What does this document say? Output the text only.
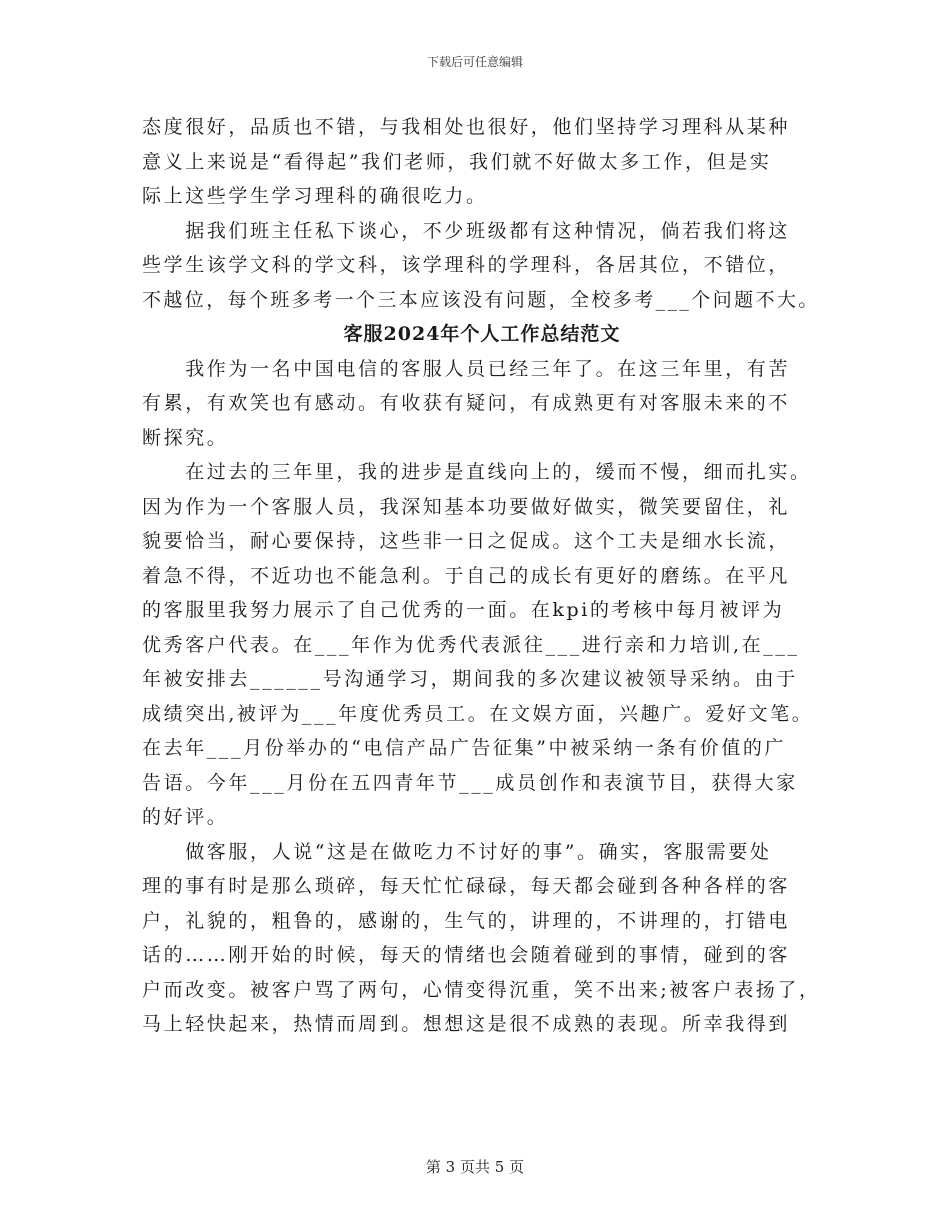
下载后可任意编辑
态度很好，品质也不错，与我相处也很好，他们坚持学习理科从某种
意义上来说是“看得起”我们老师，我们就不好做太多工作，但是实
际上这些学生学习理科的确很吃力。
　　据我们班主任私下谈心，不少班级都有这种情况，倘若我们将这
些学生该学文科的学文科，该学理科的学理科，各居其位，不错位，
不越位，每个班多考一个三本应该没有问题，全校多考___个问题不大。
客服2024年个人工作总结范文
　　我作为一名中国电信的客服人员已经三年了。在这三年里，有苦
有累，有欢笑也有感动。有收获有疑问，有成熟更有对客服未来的不
断探究。
　　在过去的三年里，我的进步是直线向上的，缓而不慢，细而扎实。
因为作为一个客服人员，我深知基本功要做好做实，微笑要留住，礼
貌要恰当，耐心要保持，这些非一日之促成。这个工夫是细水长流，
着急不得，不近功也不能急利。于自己的成长有更好的磨练。在平凡
的客服里我努力展示了自己优秀的一面。在kpi的考核中每月被评为
优秀客户代表。在___年作为优秀代表派往___进行亲和力培训,在___
年被安排去______号沟通学习，期间我的多次建议被领导采纳。由于
成绩突出,被评为___年度优秀员工。在文娱方面，兴趣广。爱好文笔。
在去年___月份举办的“电信产品广告征集”中被采纳一条有价值的广
告语。今年___月份在五四青年节___成员创作和表演节目，获得大家
的好评。
　　做客服，人说“这是在做吃力不讨好的事”。确实，客服需要处
理的事有时是那么琐碎，每天忙忙碌碌，每天都会碰到各种各样的客
户，礼貌的，粗鲁的，感谢的，生气的，讲理的，不讲理的，打错电
话的……刚开始的时候，每天的情绪也会随着碰到的事情，碰到的客
户而改变。被客户骂了两句，心情变得沉重，笑不出来;被客户表扬了，
马上轻快起来，热情而周到。想想这是很不成熟的表现。所幸我得到
第 3 页共 5 页
